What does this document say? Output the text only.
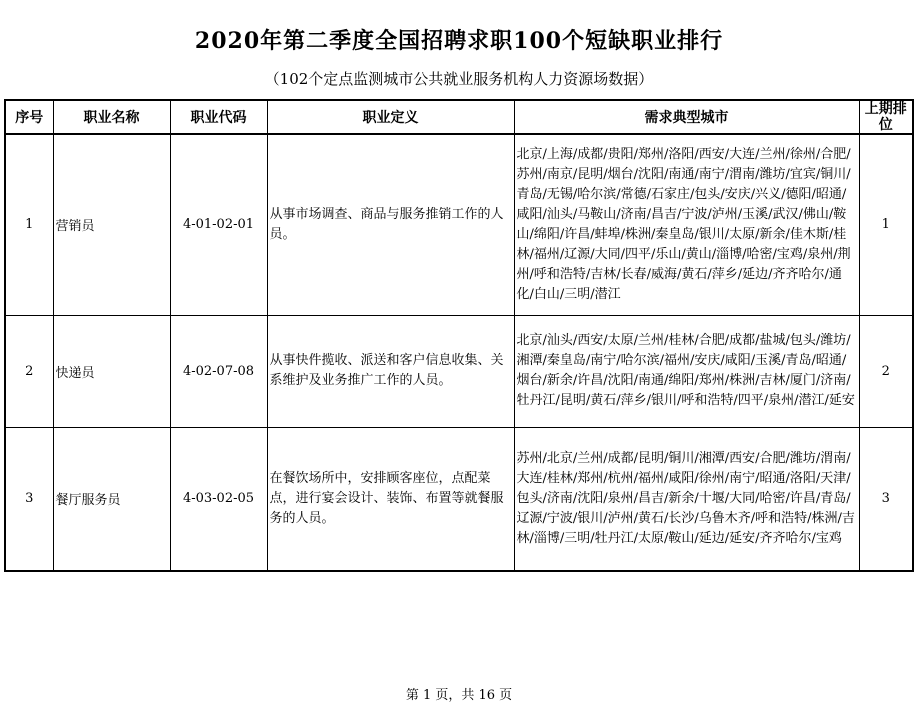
2020年第二季度全国招聘求职100个短缺职业排行
（102个定点监测城市公共就业服务机构人力资源场数据）
序号	职业名称	职业代码	职业定义	需求典型城市	上期排位
1	营销员	4-01-02-01	从事市场调查、商品与服务推销工作的人员。	北京/上海/成都/贵阳/郑州/洛阳/西安/大连/兰州/徐州/合肥/苏州/南京/昆明/烟台/沈阳/南通/南宁/渭南/潍坊/宜宾/铜川/青岛/无锡/哈尔滨/常德/石家庄/包头/安庆/兴义/德阳/昭通/咸阳/汕头/马鞍山/济南/昌吉/宁波/泸州/玉溪/武汉/佛山/鞍山/绵阳/许昌/蚌埠/株洲/秦皇岛/银川/太原/新余/佳木斯/桂林/福州/辽源/大同/四平/乐山/黄山/淄博/哈密/宝鸡/泉州/荆州/呼和浩特/吉林/长春/威海/黄石/萍乡/延边/齐齐哈尔/通化/白山/三明/潜江	1
2	快递员	4-02-07-08	从事快件揽收、派送和客户信息收集、关系维护及业务推广工作的人员。	北京/汕头/西安/太原/兰州/桂林/合肥/成都/盐城/包头/潍坊/湘潭/秦皇岛/南宁/哈尔滨/福州/安庆/咸阳/玉溪/青岛/昭通/烟台/新余/许昌/沈阳/南通/绵阳/郑州/株洲/吉林/厦门/济南/牡丹江/昆明/黄石/萍乡/银川/呼和浩特/四平/泉州/潜江/延安	2
3	餐厅服务员	4-03-02-05	在餐饮场所中，安排顾客座位，点配菜点，进行宴会设计、装饰、布置等就餐服务的人员。	苏州/北京/兰州/成都/昆明/铜川/湘潭/西安/合肥/潍坊/渭南/大连/桂林/郑州/杭州/福州/咸阳/徐州/南宁/昭通/洛阳/天津/包头/济南/沈阳/泉州/昌吉/新余/十堰/大同/哈密/许昌/青岛/辽源/宁波/银川/泸州/黄石/长沙/乌鲁木齐/呼和浩特/株洲/吉林/淄博/三明/牡丹江/太原/鞍山/延边/延安/齐齐哈尔/宝鸡	3
第 1 页，共 16 页
